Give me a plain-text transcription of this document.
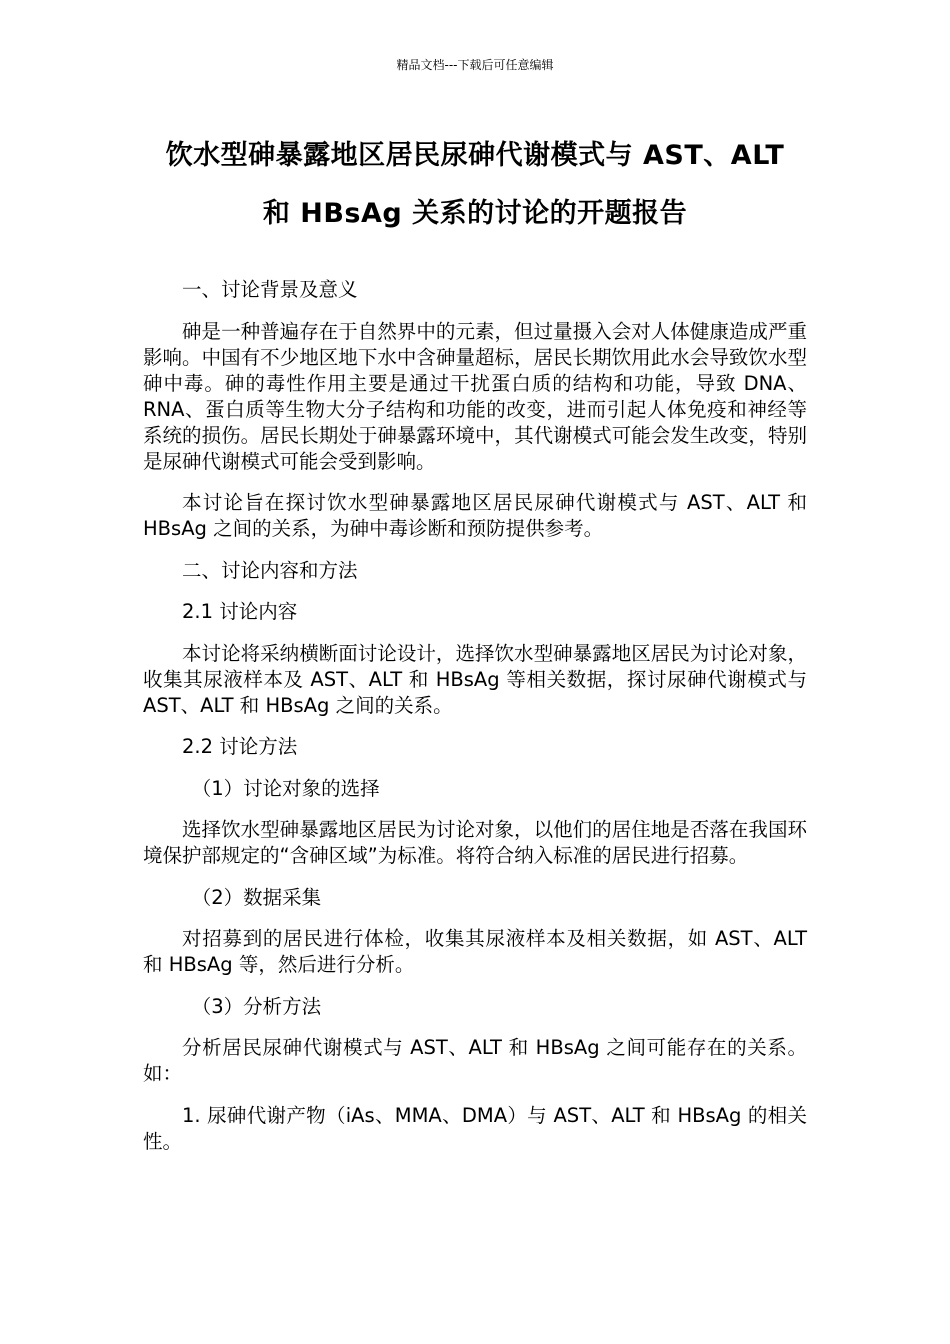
精品文档---下载后可任意编辑
饮水型砷暴露地区居民尿砷代谢模式与 AST、ALT
和 HBsAg 关系的讨论的开题报告

一、讨论背景及意义

砷是一种普遍存在于自然界中的元素，但过量摄入会对人体健康造成严重影响。中国有不少地区地下水中含砷量超标，居民长期饮用此水会导致饮水型砷中毒。砷的毒性作用主要是通过干扰蛋白质的结构和功能，导致 DNA、RNA、蛋白质等生物大分子结构和功能的改变，进而引起人体免疫和神经等系统的损伤。居民长期处于砷暴露环境中，其代谢模式可能会发生改变，特别是尿砷代谢模式可能会受到影响。

本讨论旨在探讨饮水型砷暴露地区居民尿砷代谢模式与 AST、ALT 和 HBsAg 之间的关系，为砷中毒诊断和预防提供参考。

二、讨论内容和方法

2.1 讨论内容

本讨论将采纳横断面讨论设计，选择饮水型砷暴露地区居民为讨论对象，收集其尿液样本及 AST、ALT 和 HBsAg 等相关数据，探讨尿砷代谢模式与 AST、ALT 和 HBsAg 之间的关系。

2.2 讨论方法

（1）讨论对象的选择

选择饮水型砷暴露地区居民为讨论对象，以他们的居住地是否落在我国环境保护部规定的“含砷区域”为标准。将符合纳入标准的居民进行招募。

（2）数据采集

对招募到的居民进行体检，收集其尿液样本及相关数据，如 AST、ALT 和 HBsAg 等，然后进行分析。

（3）分析方法

分析居民尿砷代谢模式与 AST、ALT 和 HBsAg 之间可能存在的关系。如：

1. 尿砷代谢产物（iAs、MMA、DMA）与 AST、ALT 和 HBsAg 的相关性。
